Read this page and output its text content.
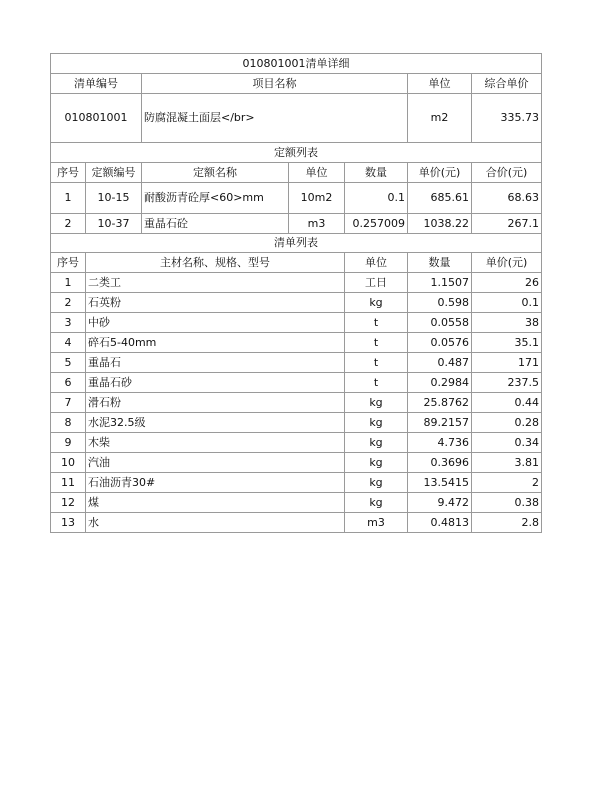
010801001清单详细							
清单编号		项目名称			单位	综合单价	
010801001		防腐混凝土面层</br>			m2	335.73	
定额列表							
序号	定额编号	定额名称	单位	数量	单价(元)	合价(元)	
1	10-15	耐酸沥青砼厚<60>mm	10m2	0.1	685.61	68.63	
2	10-37	重晶石砼	m3	0.257009	1038.22	267.1	
清单列表							
序号	主材名称、规格、型号			单位	数量	单价(元)	
1	二类工			工日	1.1507	26	
2	石英粉			kg	0.598	0.1	
3	中砂			t	0.0558	38	
4	碎石5-40mm			t	0.0576	35.1	
5	重晶石			t	0.487	171	
6	重晶石砂			t	0.2984	237.5	
7	滑石粉			kg	25.8762	0.44	
8	水泥32.5级			kg	89.2157	0.28	
9	木柴			kg	4.736	0.34	
10	汽油			kg	0.3696	3.81	
11	石油沥青30#			kg	13.5415	2	
12	煤			kg	9.472	0.38	
13	水			m3	0.4813	2.8	
